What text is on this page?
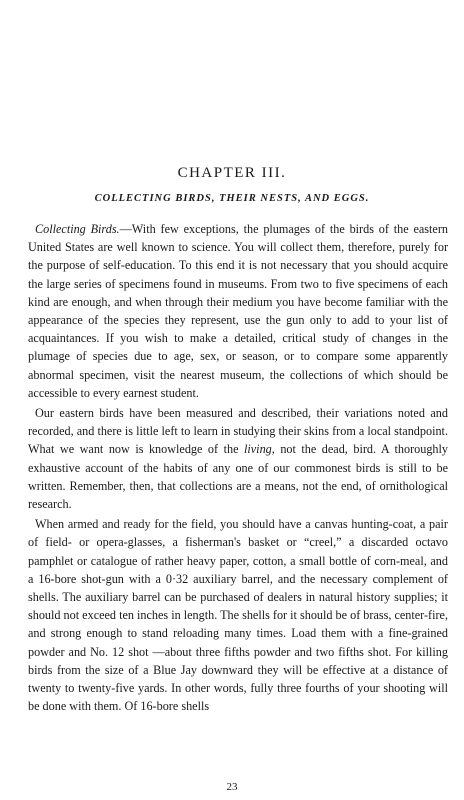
CHAPTER III.
COLLECTING BIRDS, THEIR NESTS, AND EGGS.

Collecting Birds.—With few exceptions, the plumages of the birds of the eastern United States are well known to science. You will collect them, therefore, purely for the purpose of self-education. To this end it is not necessary that you should acquire the large series of specimens found in museums. From two to five specimens of each kind are enough, and when through their medium you have become familiar with the appearance of the species they represent, use the gun only to add to your list of acquaintances. If you wish to make a detailed, critical study of changes in the plumage of species due to age, sex, or season, or to compare some apparently abnormal specimen, visit the nearest museum, the collections of which should be accessible to every earnest student.

Our eastern birds have been measured and described, their variations noted and recorded, and there is little left to learn in studying their skins from a local standpoint. What we want now is knowledge of the living, not the dead, bird. A thoroughly exhaustive account of the habits of any one of our commonest birds is still to be written. Remember, then, that collections are a means, not the end, of ornithological research.

When armed and ready for the field, you should have a canvas hunting-coat, a pair of field- or opera-glasses, a fisherman's basket or “creel,” a discarded octavo pamphlet or catalogue of rather heavy paper, cotton, a small bottle of corn-meal, and a 16-bore shot-gun with a 0·32 auxiliary barrel, and the necessary complement of shells. The auxiliary barrel can be purchased of dealers in natural history supplies; it should not exceed ten inches in length. The shells for it should be of brass, center-fire, and strong enough to stand reloading many times. Load them with a fine-grained powder and No. 12 shot —about three fifths powder and two fifths shot. For killing birds from the size of a Blue Jay downward they will be effective at a distance of twenty to twenty-five yards. In other words, fully three fourths of your shooting will be done with them. Of 16-bore shells

23
